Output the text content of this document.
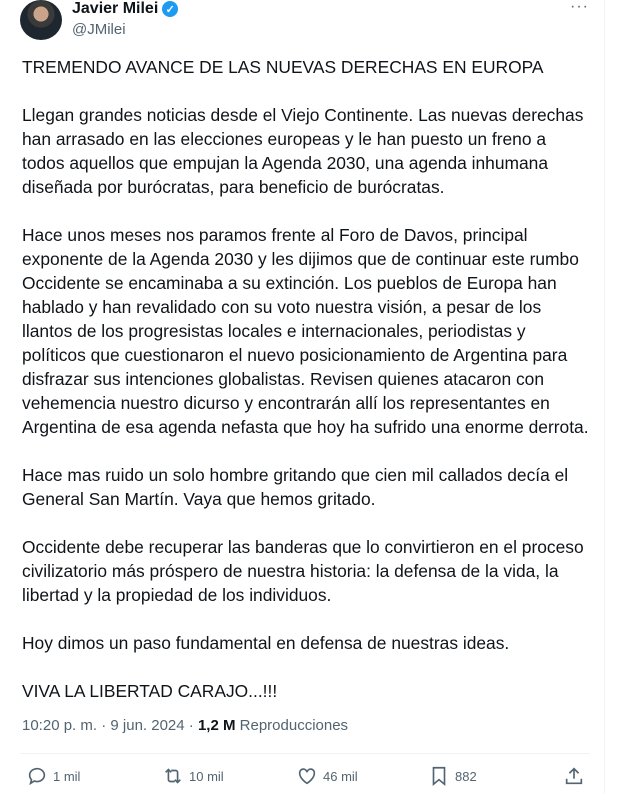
Javier Milei ✓
@JMilei
···

TREMENDO AVANCE DE LAS NUEVAS DERECHAS EN EUROPA

Llegan grandes noticias desde el Viejo Continente. Las nuevas derechas
han arrasado en las elecciones europeas y le han puesto un freno a
todos aquellos que empujan la Agenda 2030, una agenda inhumana
diseñada por burócratas, para beneficio de burócratas.

Hace unos meses nos paramos frente al Foro de Davos, principal
exponente de la Agenda 2030 y les dijimos que de continuar este rumbo
Occidente se encaminaba a su extinción. Los pueblos de Europa han
hablado y han revalidado con su voto nuestra visión, a pesar de los
llantos de los progresistas locales e internacionales, periodistas y
políticos que cuestionaron el nuevo posicionamiento de Argentina para
disfrazar sus intenciones globalistas. Revisen quienes atacaron con
vehemencia nuestro dicurso y encontrarán allí los representantes en
Argentina de esa agenda nefasta que hoy ha sufrido una enorme derrota.

Hace mas ruido un solo hombre gritando que cien mil callados decía el
General San Martín. Vaya que hemos gritado.

Occidente debe recuperar las banderas que lo convirtieron en el proceso
civilizatorio más próspero de nuestra historia: la defensa de la vida, la
libertad y la propiedad de los individuos.

Hoy dimos un paso fundamental en defensa de nuestras ideas.

VIVA LA LIBERTAD CARAJO...!!!

10:20 p. m. · 9 jun. 2024 · 1,2 M Reproducciones
1 mil	10 mil	46 mil	882
